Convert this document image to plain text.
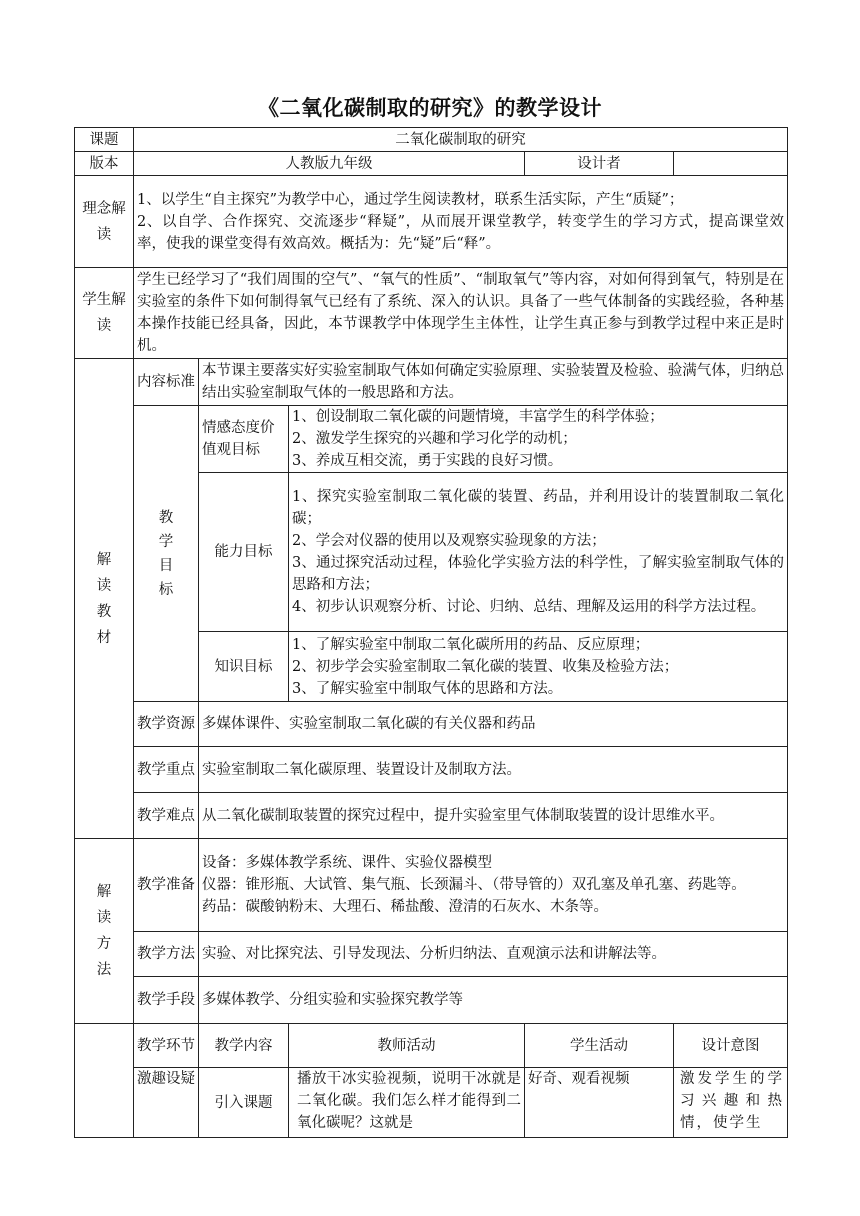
《二氧化碳制取的研究》的教学设计
课题	二氧化碳制取的研究				
版本	人教版九年级			设计者	
理念解读	1、以学生“自主探究”为教学中心，通过学生阅读教材，联系生活实际，产生“质疑”；
2、以自学、合作探究、交流逐步“释疑”，从而展开课堂教学，转变学生的学习方式，提高课堂效率，使我的课堂变得有效高效。概括为：先“疑”后“释”。				

学生解读	学生已经学习了“我们周围的空气”、“氧气的性质”、“制取氧气”等内容，对如何得到氧气，特别是在实验室的条件下如何制得氧气已经有了系统、深入的认识。具备了一些气体制备的实践经验，各种基本操作技能已经具备，因此，本节课教学中体现学生主体性，让学生真正参与到教学过程中来正是时机。				

解读教材	内容标准	本节课主要落实好实验室制取气体如何确定实验原理、实验装置及检验、验满气体，归纳总结出实验室制取气体的一般思路和方法。			

	教学目标	情感态度价值观目标	1、创设制取二氧化碳的问题情境，丰富学生的科学体验；
2、激发学生探究的兴趣和学习化学的动机；
3、养成互相交流，勇于实践的良好习惯。		

		能力目标	1、探究实验室制取二氧化碳的装置、药品，并利用设计的装置制取二氧化碳；
2、学会对仪器的使用以及观察实验现象的方法；
3、通过探究活动过程，体验化学实验方法的科学性，了解实验室制取气体的思路和方法；
4、初步认识观察分析、讨论、归纳、总结、理解及运用的科学方法过程。		

		知识目标	1、了解实验室中制取二氧化碳所用的药品、反应原理；
2、初步学会实验室制取二氧化碳的装置、收集及检验方法；
3、了解实验室中制取气体的思路和方法。		

	教学资源	多媒体课件、实验室制取二氧化碳的有关仪器和药品			
	教学重点	实验室制取二氧化碳原理、装置设计及制取方法。			
	教学难点	从二氧化碳制取装置的探究过程中，提升实验室里气体制取装置的设计思维水平。			

解读方法	教学准备	设备：多媒体教学系统、课件、实验仪器模型
仪器：锥形瓶、大试管、集气瓶、长颈漏斗、（带导管的）双孔塞及单孔塞、药匙等。
药品：碳酸钠粉末、大理石、稀盐酸、澄清的石灰水、木条等。			

	教学方法	实验、对比探究法、引导发现法、分析归纳法、直观演示法和讲解法等。			
	教学手段	多媒体教学、分组实验和实验探究教学等			
	教学环节	教学内容	教师活动	学生活动	设计意图
	激趣设疑	引入课题	播放干冰实验视频，说明干冰就是二氧化碳。我们怎么样才能得到二氧化碳呢？这就是	好奇、观看视频	激发学生的学习兴趣和热情，使学生
